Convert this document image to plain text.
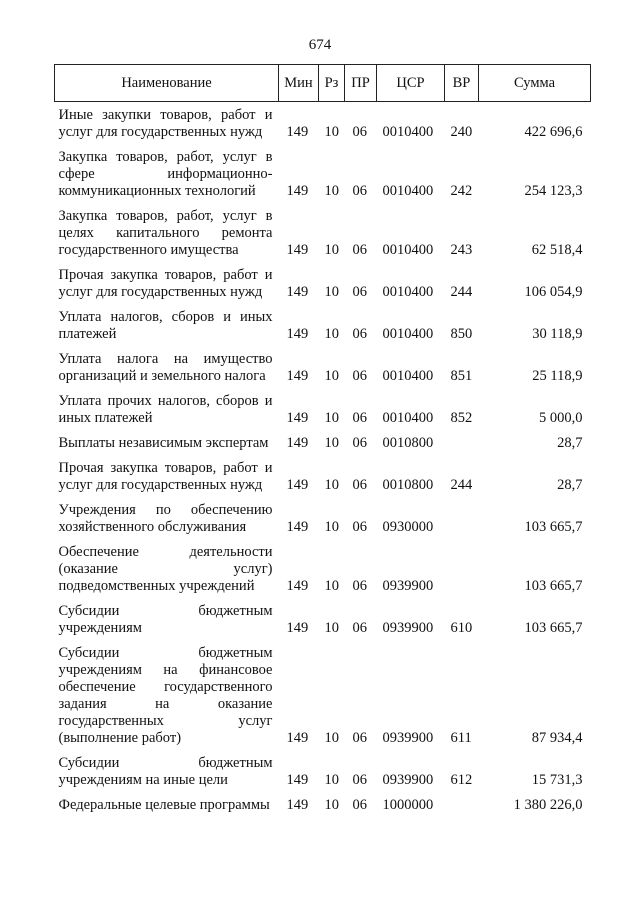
674
Наименование	Мин	Рз	ПР	ЦСР	ВР	Сумма
Иные закупки товаров, работ и услуг для государственных нужд	149	10	06	0010400	240	422 696,6
Закупка товаров, работ, услуг в сфере информационно-коммуникационных технологий	149	10	06	0010400	242	254 123,3
Закупка товаров, работ, услуг в целях капитального ремонта государственного имущества	149	10	06	0010400	243	62 518,4
Прочая закупка товаров, работ и услуг для государственных нужд	149	10	06	0010400	244	106 054,9
Уплата налогов, сборов и иных платежей	149	10	06	0010400	850	30 118,9
Уплата налога на имущество организаций и земельного налога	149	10	06	0010400	851	25 118,9
Уплата прочих налогов, сборов и иных платежей	149	10	06	0010400	852	5 000,0
Выплаты независимым экспертам	149	10	06	0010800		28,7
Прочая закупка товаров, работ и услуг для государственных нужд	149	10	06	0010800	244	28,7
Учреждения по обеспечению хозяйственного обслуживания	149	10	06	0930000		103 665,7
Обеспечение деятельности (оказание услуг) подведомственных учреждений	149	10	06	0939900		103 665,7
Субсидии бюджетным учреждениям	149	10	06	0939900	610	103 665,7
Субсидии бюджетным учреждениям на финансовое обеспечение государственного задания на оказание государственных услуг (выполнение работ)	149	10	06	0939900	611	87 934,4
Субсидии бюджетным учреждениям на иные цели	149	10	06	0939900	612	15 731,3
Федеральные целевые программы	149	10	06	1000000		1 380 226,0
